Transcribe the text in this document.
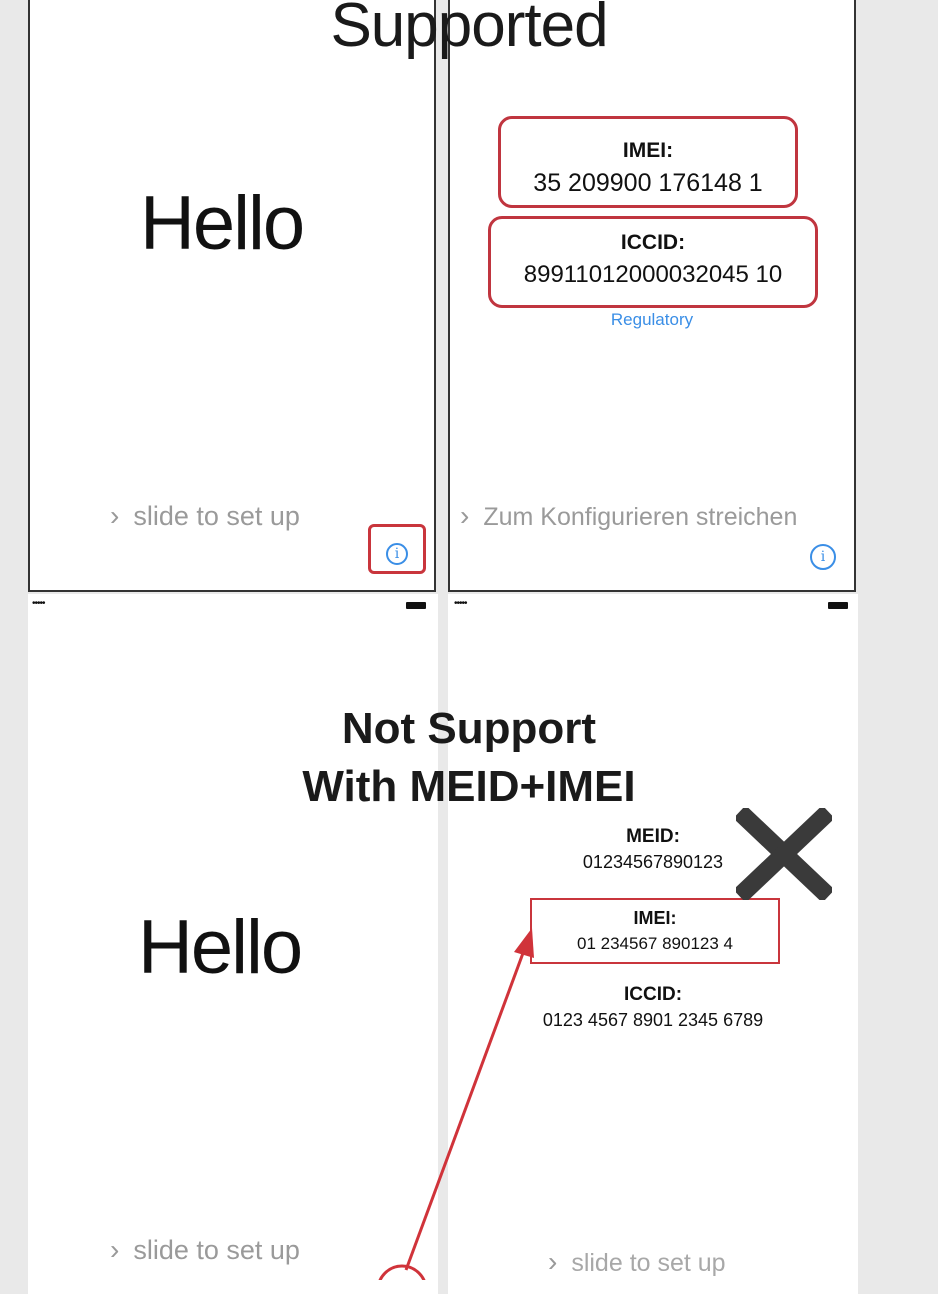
Hello
› slide to set up
i
IMEI:
35 209900 176148 1
ICCID:
89911012000032045 10
Regulatory
› Zum Konfigurieren streichen
i
•••••
Hello
› slide to set up
•••••
MEID:
01234567890123
IMEI:
01 234567 890123 4
ICCID:
0123 4567 8901 2345 6789
› slide to set up
Supported
Not Support
With MEID+IMEI
